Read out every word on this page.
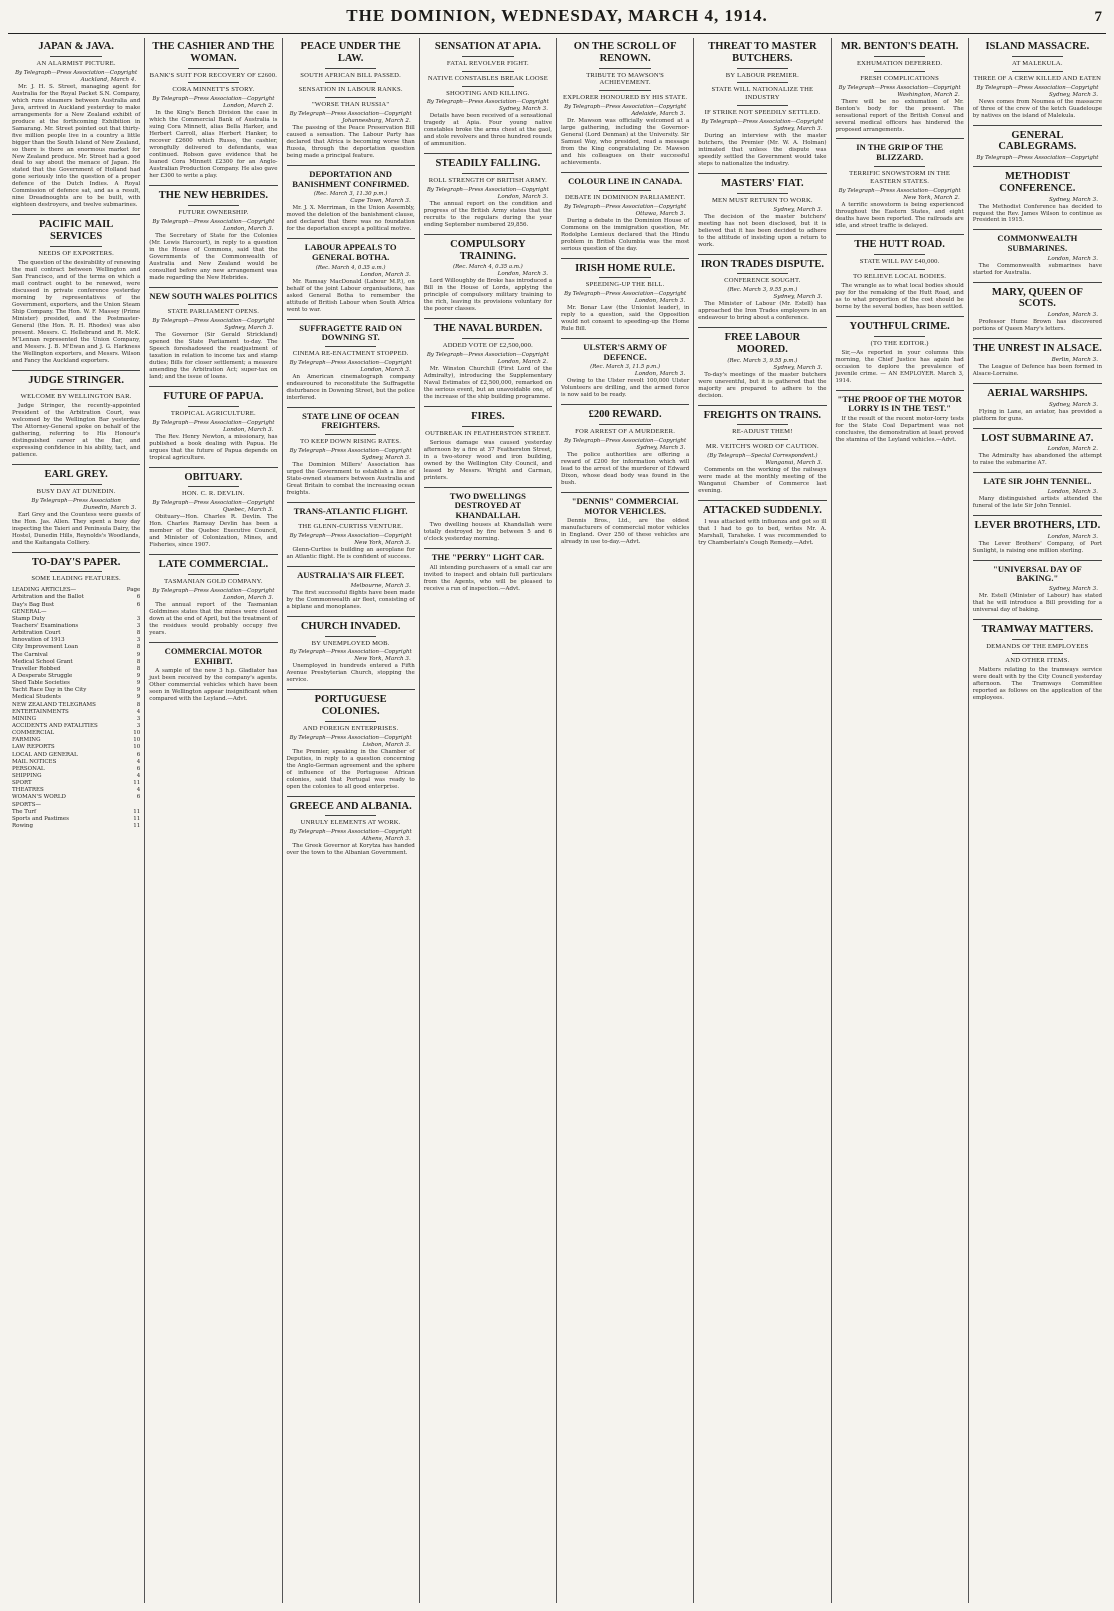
THE DOMINION, WEDNESDAY, MARCH 4, 1914.	7
JAPAN & JAVA.
AN ALARMIST PICTURE.
By Telegraph—Press Association—Copyright
Auckland, March 4.

Mr. J. H. S. Street, managing agent for Australia for the Royal Packet S.N. Company, which runs steamers between Australia and Java, arrived in Auckland yesterday to make arrangements for a New Zealand exhibit of produce at the forthcoming Exhibition in Samarang. Mr. Street pointed out that thirty-five million people live in a country a little bigger than the South Island of New Zealand, so there is there an enormous market for New Zealand produce. Mr. Street had a good deal to say about the menace of Japan. He stated that the Government of Holland had gone seriously into the question of a proper defence of the Dutch Indies. A Royal Commission of defence sat, and as a result, nine Dreadnoughts are to be built, with eighteen destroyers, and twelve submarines.

PACIFIC MAIL SERVICES
NEEDS OF EXPORTERS.

The question of the desirability of renewing the mail contract between Wellington and San Francisco, and of the terms on which a mail contract ought to be renewed, were discussed in private conference yesterday morning by representatives of the Government, exporters, and the Union Steam Ship Company. The Hon. W. F. Massey (Prime Minister) presided, and the Postmaster-General (the Hon. R. H. Rhodes) was also present. Messrs. C. Hellebrand and R. McK. M'Lennan represented the Union Company, and Messrs. J. B. M'Ewan and J. G. Harkness the Wellington exporters, and Messrs. Wilson and Fancy the Auckland exporters.

JUDGE STRINGER.
WELCOME BY WELLINGTON BAR.

Judge Stringer, the recently-appointed President of the Arbitration Court, was welcomed by the Wellington Bar yesterday. The Attorney-General spoke on behalf of the gathering, referring to His Honour's distinguished career at the Bar, and expressing confidence in his ability, tact, and patience.

EARL GREY.
BUSY DAY AT DUNEDIN.
By Telegraph—Press Association
Dunedin, March 3.

Earl Grey and the Countess were guests of the Hon. Jas. Allen. They spent a busy day inspecting the Taieri and Peninsula Dairy, the Hostel, Dunedin Hills, Reynolds's Woodlands, and the Kaitangata Colliery.

TO-DAY'S PAPER.
SOME LEADING FEATURES.
LEADING ARTICLES—	Page
Arbitration and the Ballot	6
Day's Bag Bust	6
GENERAL—
Stamp Duty	3
Teachers' Examinations	3
Arbitration Court	8
Innovation of 1913	3
City Improvement Loan	8
The Carnival	9
Medical School Grant	8
Traveller Robbed	8
A Desperate Struggle	9
Shed Table Societies	9
Yacht Race Day in the City	9
Medical Students	9
NEW ZEALAND TELEGRAMS	8
ENTERTAINMENTS	4
MINING	3
ACCIDENTS AND FATALITIES	3
COMMERCIAL	10
FARMING	10
LAW REPORTS	10
LOCAL AND GENERAL	6
MAIL NOTICES	4
PERSONAL	6
SHIPPING	4
SPORT	11
THEATRES	4
WOMAN'S WORLD	6
SPORTS—
The Turf	11
Sports and Pastimes	11
Rowing	11
THE CASHIER AND THE WOMAN.
BANK'S SUIT FOR RECOVERY OF £2600.
CORA MINNETT'S STORY.
By Telegraph—Press Association—Copyright
London, March 2.

In the King's Bench Division the case in which the Commercial Bank of Australia is suing Cora Minnett, alias Bella Harker, and Herbert Carroll, alias Herbert Hanker, to recover £2600 which Russo, the cashier, wrongfully delivered to defendants, was continued. Robson gave evidence that he loaned Cora Minnett £2300 for an Anglo-Australian Production Company. He also gave her £300 to write a play.

THE NEW HEBRIDES.
FUTURE OWNERSHIP.
By Telegraph—Press Association—Copyright
London, March 3.

The Secretary of State for the Colonies (Mr. Lewis Harcourt), in reply to a question in the House of Commons, said that the Governments of the Commonwealth of Australia and New Zealand would be consulted before any new arrangement was made regarding the New Hebrides.

NEW SOUTH WALES POLITICS
STATE PARLIAMENT OPENS.
By Telegraph—Press Association—Copyright
Sydney, March 3.

The Governor (Sir Gerald Strickland) opened the State Parliament to-day. The Speech foreshadowed the readjustment of taxation in relation to income tax and stamp duties; Bills for closer settlement; a measure amending the Arbitration Act; super-tax on land; and the issue of loans.

FUTURE OF PAPUA.
TROPICAL AGRICULTURE.
By Telegraph—Press Association—Copyright
London, March 3.

The Rev. Henry Newton, a missionary, has published a book dealing with Papua. He argues that the future of Papua depends on tropical agriculture.

OBITUARY.
HON. C. R. DEVLIN.
By Telegraph—Press Association—Copyright
Quebec, March 3.

Obituary—Hon. Charles R. Devlin. The Hon. Charles Ramsay Devlin has been a member of the Quebec Executive Council, and Minister of Colonization, Mines, and Fisheries, since 1907.

LATE COMMERCIAL.
TASMANIAN GOLD COMPANY.
By Telegraph—Press Association—Copyright
London, March 3.

The annual report of the Tasmanian Goldmines states that the mines were closed down at the end of April, but the treatment of the residues would probably occupy five years.

COMMERCIAL MOTOR EXHIBIT.

A sample of the new 3 h.p. Gladiator has just been received by the company's agents. Other commercial vehicles which have been seen in Wellington appear insignificant when compared with the Leyland.—Advt.

PEACE UNDER THE LAW.
SOUTH AFRICAN BILL PASSED.
SENSATION IN LABOUR RANKS.
"WORSE THAN RUSSIA"
By Telegraph—Press Association—Copyright
Johannesburg, March 2.

The passing of the Peace Preservation Bill caused a sensation. The Labour Party has declared that Africa is becoming worse than Russia, through the deportation question being made a principal feature.

DEPORTATION AND BANISHMENT CONFIRMED.
(Rec. March 3, 11.30 p.m.)
Cape Town, March 3.

Mr. J. X. Merriman, in the Union Assembly, moved the deletion of the banishment clause, and declared that there was no foundation for the deportation except a political motive.

LABOUR APPEALS TO GENERAL BOTHA.
(Rec. March 4, 0.35 a.m.)
London, March 3.

Mr. Ramsay MacDonald (Labour M.P.), on behalf of the joint Labour organisations, has asked General Botha to remember the attitude of British Labour when South Africa went to war.

SUFFRAGETTE RAID ON DOWNING ST.
CINEMA RE-ENACTMENT STOPPED.
By Telegraph—Press Association—Copyright
London, March 3.

An American cinematograph company endeavoured to reconstitute the Suffragette disturbance in Downing Street, but the police interfered.

STATE LINE OF OCEAN FREIGHTERS.
TO KEEP DOWN RISING RATES.
By Telegraph—Press Association—Copyright
Sydney, March 3.

The Dominion Millers' Association has urged the Government to establish a line of State-owned steamers between Australia and Great Britain to combat the increasing ocean freights.

TRANS-ATLANTIC FLIGHT.
THE GLENN-CURTISS VENTURE.
By Telegraph—Press Association—Copyright
New York, March 3.

Glenn-Curtiss is building an aeroplane for an Atlantic flight. He is confident of success.

AUSTRALIA'S AIR FLEET.
Melbourne, March 3.

The first successful flights have been made by the Commonwealth air fleet, consisting of a biplane and monoplanes.

CHURCH INVADED.
BY UNEMPLOYED MOB.
By Telegraph—Press Association—Copyright
New York, March 3.

Unemployed in hundreds entered a Fifth Avenue Presbyterian Church, stopping the service.

PORTUGUESE COLONIES.
AND FOREIGN ENTERPRISES.
By Telegraph—Press Association—Copyright
Lisbon, March 3.

The Premier, speaking in the Chamber of Deputies, in reply to a question concerning the Anglo-German agreement and the sphere of influence of the Portuguese African colonies, said that Portugal was ready to open the colonies to all good enterprise.

GREECE AND ALBANIA.
UNRULY ELEMENTS AT WORK.
By Telegraph—Press Association—Copyright
Athens, March 3.

The Greek Governor at Korytza has handed over the town to the Albanian Government.

SENSATION AT APIA.
FATAL REVOLVER FIGHT.
NATIVE CONSTABLES BREAK LOOSE
SHOOTING AND KILLING.
By Telegraph—Press Association—Copyright
Sydney, March 3.

Details have been received of a sensational tragedy at Apia. Four young native constables broke the arms chest at the gaol, and stole revolvers and three hundred rounds of ammunition.

STEADILY FALLING.
ROLL STRENGTH OF BRITISH ARMY.
By Telegraph—Press Association—Copyright
London, March 3.

The annual report on the condition and progress of the British Army states that the recruits to the regulars during the year ending September numbered 29,856.

COMPULSORY TRAINING.
(Rec. March 4, 0.35 a.m.)
London, March 3.

Lord Willoughby de Broke has introduced a Bill in the House of Lords, applying the principle of compulsory military training to the rich, leaving its provisions voluntary for the poorer classes.

THE NAVAL BURDEN.
ADDED VOTE OF £2,500,000.
By Telegraph—Press Association—Copyright
London, March 2.

Mr. Winston Churchill (First Lord of the Admiralty), introducing the Supplementary Naval Estimates of £2,500,000, remarked on the serious event, but an unavoidable one, of the increase of the ship building programme.

FIRES.
OUTBREAK IN FEATHERSTON STREET.

Serious damage was caused yesterday afternoon by a fire at 37 Featherston Street, in a two-storey wood and iron building, owned by the Wellington City Council, and leased by Messrs. Wright and Carman, printers.

TWO DWELLINGS DESTROYED AT KHANDALLAH.

Two dwelling houses at Khandallah were totally destroyed by fire between 5 and 6 o'clock yesterday morning.

THE "PERRY" LIGHT CAR.

All intending purchasers of a small car are invited to inspect and obtain full particulars from the Agents, who will be pleased to receive a run of inspection.—Advt.

ON THE SCROLL OF RENOWN.
TRIBUTE TO MAWSON'S ACHIEVEMENT.
EXPLORER HONOURED BY HIS STATE.
By Telegraph—Press Association—Copyright
Adelaide, March 3.

Dr. Mawson was officially welcomed at a large gathering, including the Governor-General (Lord Denman) at the University. Sir Samuel Way, who presided, read a message from the King congratulating Dr. Mawson and his colleagues on their successful achievements.

COLOUR LINE IN CANADA.
DEBATE IN DOMINION PARLIAMENT.
By Telegraph—Press Association—Copyright
Ottawa, March 3.

During a debate in the Dominion House of Commons on the immigration question, Mr. Rodolphe Lemieux declared that the Hindu problem in British Columbia was the most serious question of the day.

IRISH HOME RULE.
SPEEDING-UP THE BILL.
By Telegraph—Press Association—Copyright
London, March 3.

Mr. Bonar Law (the Unionist leader), in reply to a question, said the Opposition would not consent to speeding-up the Home Rule Bill.

ULSTER'S ARMY OF DEFENCE.
(Rec. March 3, 11.5 p.m.)
London, March 3.

Owing to the Ulster revolt 100,000 Ulster Volunteers are drilling, and the armed force is now said to be ready.

£200 REWARD.
FOR ARREST OF A MURDERER.
By Telegraph—Press Association—Copyright
Sydney, March 3.

The police authorities are offering a reward of £200 for information which will lead to the arrest of the murderer of Edward Dixon, whose dead body was found in the bush.

"DENNIS" COMMERCIAL MOTOR VEHICLES.

Dennis Bros., Ltd., are the oldest manufacturers of commercial motor vehicles in England. Over 250 of these vehicles are already in use to-day.—Advt.

THREAT TO MASTER BUTCHERS.
BY LABOUR PREMIER.
STATE WILL NATIONALIZE THE INDUSTRY
IF STRIKE NOT SPEEDILY SETTLED.
By Telegraph—Press Association—Copyright
Sydney, March 3.

During an interview with the master butchers, the Premier (Mr. W. A. Holman) intimated that unless the dispute was speedily settled the Government would take steps to nationalize the industry.

MASTERS' FIAT.
MEN MUST RETURN TO WORK.
Sydney, March 3.

The decision of the master butchers' meeting has not been disclosed, but it is believed that it has been decided to adhere to the attitude of insisting upon a return to work.

IRON TRADES DISPUTE.
CONFERENCE SOUGHT.
(Rec. March 3, 9.55 p.m.)
Sydney, March 3.

The Minister of Labour (Mr. Estell) has approached the Iron Trades employers in an endeavour to bring about a conference.

FREE LABOUR MOORED.
(Rec. March 3, 9.55 p.m.)
Sydney, March 3.

To-day's meetings of the master butchers were uneventful, but it is gathered that the majority are prepared to adhere to the decision.

FREIGHTS ON TRAINS.
RE-ADJUST THEM!
MR. VEITCH'S WORD OF CAUTION.
(By Telegraph—Special Correspondent.)
Wanganui, March 3.

Comments on the working of the railways were made at the monthly meeting of the Wanganui Chamber of Commerce last evening.

ATTACKED SUDDENLY.

I was attacked with influenza and got so ill that I had to go to bed, writes Mr. A. Marshall, Taraheke. I was recommended to try Chamberlain's Cough Remedy.—Advt.

MR. BENTON'S DEATH.
EXHUMATION DEFERRED.
FRESH COMPLICATIONS
By Telegraph—Press Association—Copyright
Washington, March 2.

There will be no exhumation of Mr. Benton's body for the present. The sensational report of the British Consul and several medical officers has hindered the proposed arrangements.

IN THE GRIP OF THE BLIZZARD.
TERRIFIC SNOWSTORM IN THE EASTERN STATES.
By Telegraph—Press Association—Copyright
New York, March 2.

A terrific snowstorm is being experienced throughout the Eastern States, and eight deaths have been reported. The railroads are idle, and street traffic is delayed.

THE HUTT ROAD.
STATE WILL PAY £40,000.
TO RELIEVE LOCAL BODIES.

The wrangle as to what local bodies should pay for the remaking of the Hutt Road, and as to what proportion of the cost should be borne by the several bodies, has been settled.

YOUTHFUL CRIME.
(TO THE EDITOR.)

Sir,—As reported in your columns this morning, the Chief Justice has again had occasion to deplore the prevalence of juvenile crime. — AN EMPLOYER. March 3, 1914.

"THE PROOF OF THE MOTOR LORRY IS IN THE TEST."

If the result of the recent motor-lorry tests for the State Coal Department was not conclusive, the demonstration at least proved the stamina of the Leyland vehicles.—Advt.

ISLAND MASSACRE.
AT MALEKULA.
THREE OF A CREW KILLED AND EATEN
By Telegraph—Press Association—Copyright
Sydney, March 3.

News comes from Noumea of the massacre of three of the crew of the ketch Guadeloupe by natives on the island of Malekula.

GENERAL CABLEGRAMS.
By Telegraph—Press Association—Copyright
METHODIST CONFERENCE.
Sydney, March 3.

The Methodist Conference has decided to request the Rev. James Wilson to continue as President in 1915.

COMMONWEALTH SUBMARINES.
London, March 3.

The Commonwealth submarines have started for Australia.

MARY, QUEEN OF SCOTS.
London, March 3.

Professor Hume Brown has discovered portions of Queen Mary's letters.

THE UNREST IN ALSACE.
Berlin, March 3.

The League of Defence has been formed in Alsace-Lorraine.

AERIAL WARSHIPS.
Sydney, March 3.

Flying in Lane, an aviator, has provided a platform for guns.

LOST SUBMARINE A7.
London, March 2.

The Admiralty has abandoned the attempt to raise the submarine A7.

LATE SIR JOHN TENNIEL.
London, March 3.

Many distinguished artists attended the funeral of the late Sir John Tenniel.

LEVER BROTHERS, LTD.
London, March 3.

The Lever Brothers' Company, of Port Sunlight, is raising one million sterling.

"UNIVERSAL DAY OF BAKING."
Sydney, March 3.

Mr. Estell (Minister of Labour) has stated that he will introduce a Bill providing for a universal day of baking.

TRAMWAY MATTERS.
DEMANDS OF THE EMPLOYEES
AND OTHER ITEMS.

Matters relating to the tramways service were dealt with by the City Council yesterday afternoon. The Tramways Committee reported as follows on the application of the employees.
